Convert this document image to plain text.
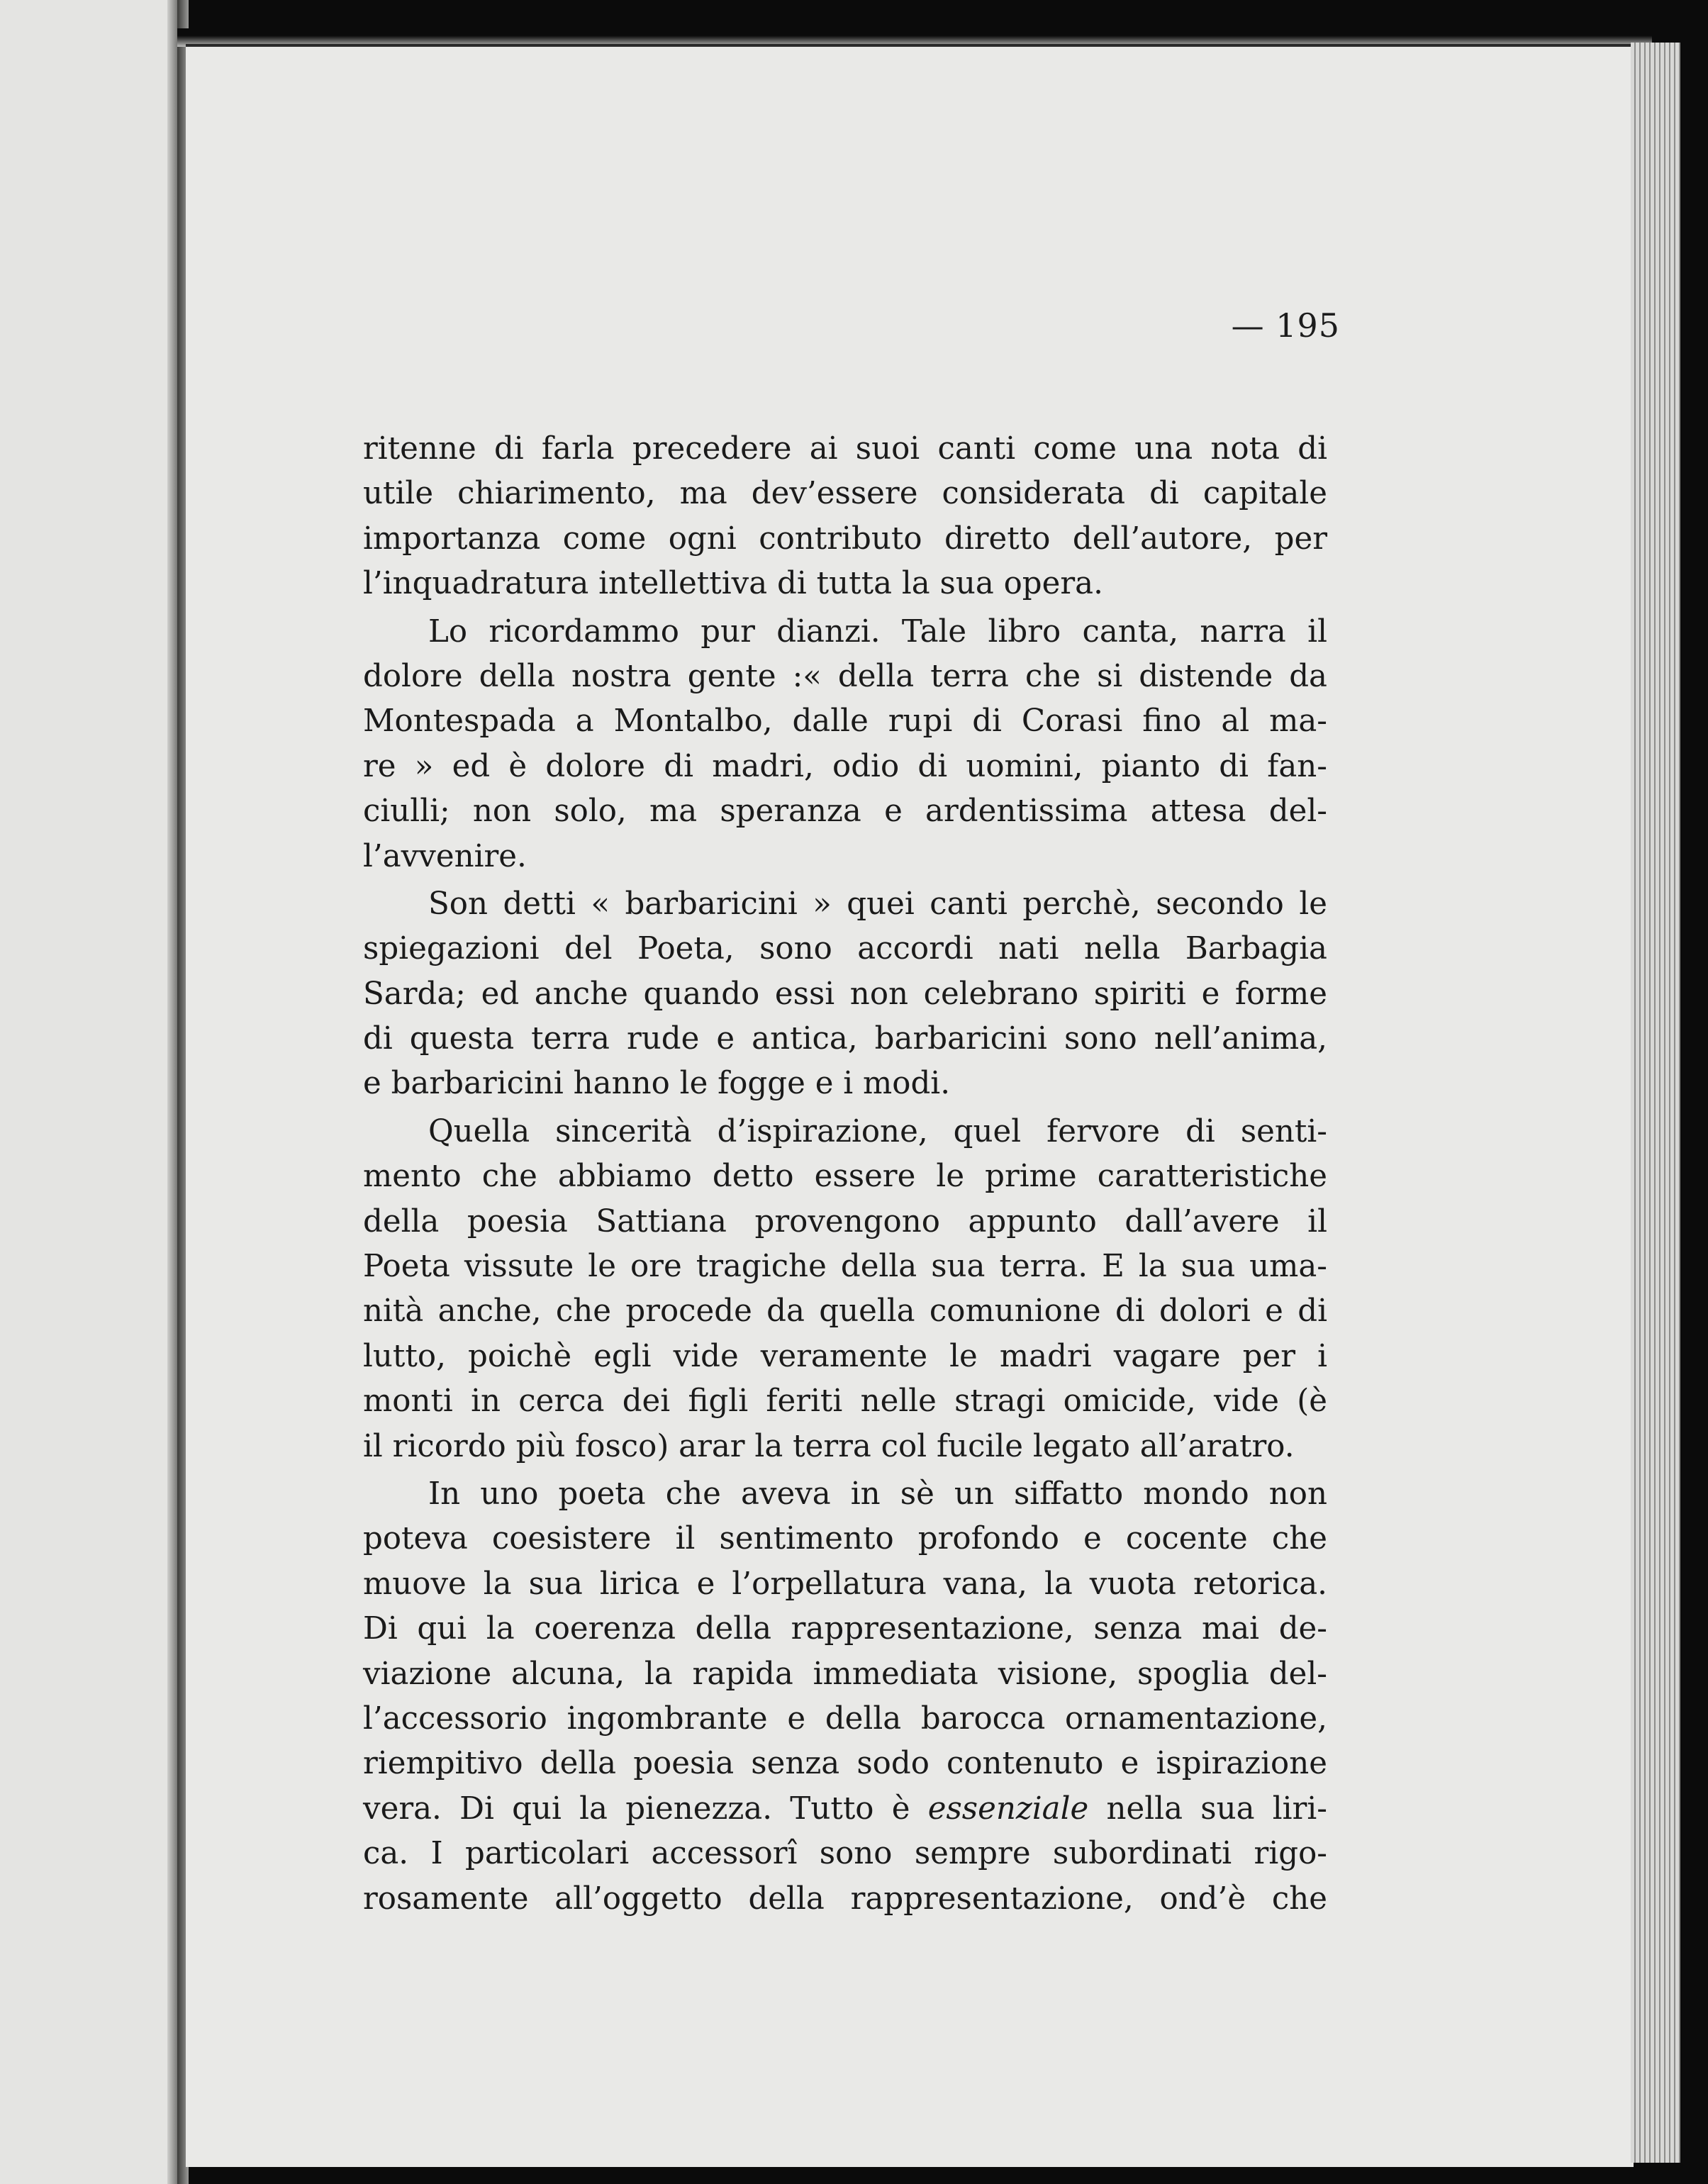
— 195
ritenne di farla precedere ai suoi canti come una nota di
utile chiarimento, ma dev’essere considerata di capitale
importanza come ogni contributo diretto dell’autore, per
l’inquadratura intellettiva di tutta la sua opera.
Lo ricordammo pur dianzi. Tale libro canta, narra il
dolore della nostra gente :« della terra che si distende da
Montespada a Montalbo, dalle rupi di Corasi fino al ma-
re » ed è dolore di madri, odio di uomini, pianto di fan-
ciulli; non solo, ma speranza e ardentissima attesa del-
l’avvenire.
Son detti « barbaricini » quei canti perchè, secondo le
spiegazioni del Poeta, sono accordi nati nella Barbagia
Sarda; ed anche quando essi non celebrano spiriti e forme
di questa terra rude e antica, barbaricini sono nell’anima,
e barbaricini hanno le fogge e i modi.
Quella sincerità d’ispirazione, quel fervore di senti-
mento che abbiamo detto essere le prime caratteristiche
della poesia Sattiana provengono appunto dall’avere il
Poeta vissute le ore tragiche della sua terra. E la sua uma-
nità anche, che procede da quella comunione di dolori e di
lutto, poichè egli vide veramente le madri vagare per i
monti in cerca dei figli feriti nelle stragi omicide, vide (è
il ricordo più fosco) arar la terra col fucile legato all’aratro.
In uno poeta che aveva in sè un siffatto mondo non
poteva coesistere il sentimento profondo e cocente che
muove la sua lirica e l’orpellatura vana, la vuota retorica.
Di qui la coerenza della rappresentazione, senza mai de-
viazione alcuna, la rapida immediata visione, spoglia del-
l’accessorio ingombrante e della barocca ornamentazione,
riempitivo della poesia senza sodo contenuto e ispirazione
vera. Di qui la pienezza. Tutto è essenziale nella sua liri-
ca. I particolari accessorî sono sempre subordinati rigo-
rosamente all’oggetto della rappresentazione, ond’è che
